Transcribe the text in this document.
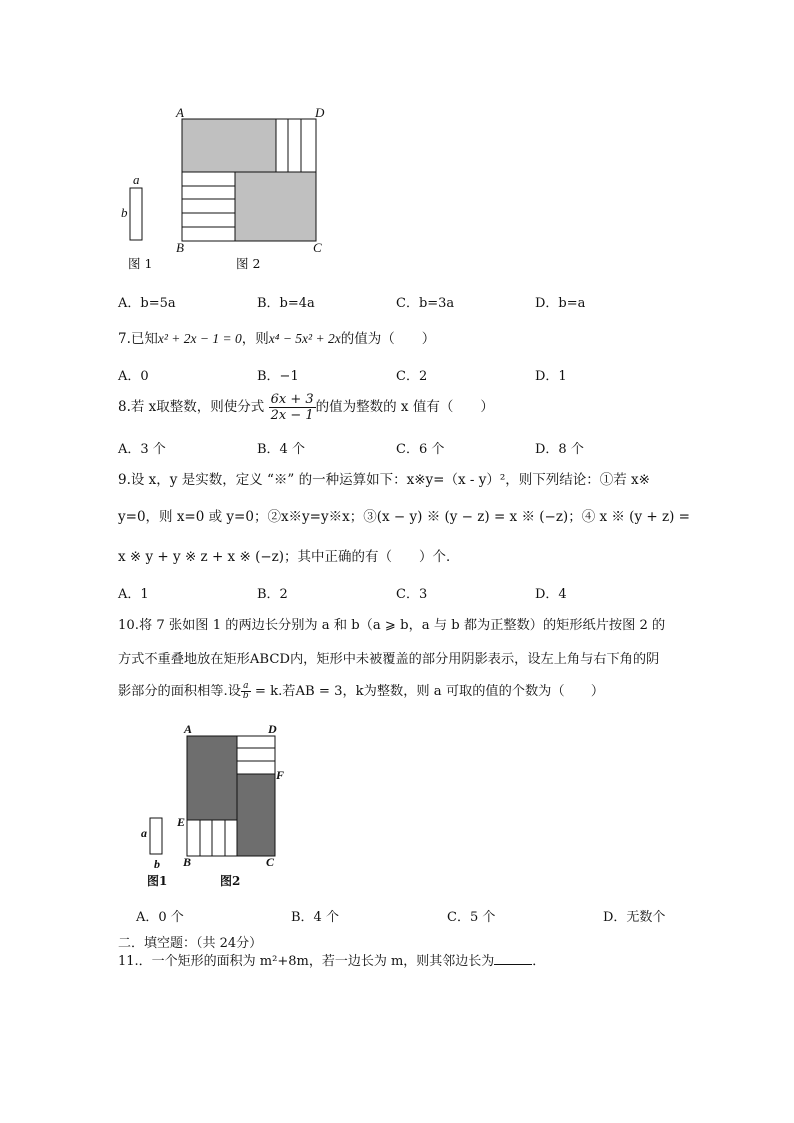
a
b
A	D
B	C
图 1	图 2
A．b=5a	B．b=4a	C．b=3a	D．b=a
7.已知x² + 2x − 1 = 0，则x⁴ − 5x² + 2x的值为（　　）
A．0	B．−1	C．2	D．1
8.若 x取整数，则使分式 $\frac{6x + 3}{2x - 1}$ 的值为整数的 x 值有（　　）
A．3 个	B．4 个	C．6 个	D．8 个
9.设 x，y 是实数，定义 “※” 的一种运算如下：x※y=（x - y）²，则下列结论：①若 x※
y=0，则 x=0 或 y=0；②x※y=y※x；③(x − y) ※ (y − z) = x ※ (−z)；④ x ※ (y + z) =
x ※ y + y ※ z + x ※ (−z)；其中正确的有（　　）个．
A．1	B．2	C．3	D．4
10.将 7 张如图 1 的两边长分别为 a 和 b（a ⩾ b，a 与 b 都为正整数）的矩形纸片按图 2 的
方式不重叠地放在矩形ABCD内，矩形中未被覆盖的部分用阴影表示，设左上角与右下角的阴
影部分的面积相等.设 $\frac{a}{b} = k$.若AB = 3，k为整数，则 a 可取的值的个数为（　　）
A	D
F
E
B	C
a
b
图1	图2
A．0 个	B．4 个	C．5 个	D．无数个
二．填空题：（共 24分）
11.．一个矩形的面积为 m²+8m，若一边长为 m，则其邻边长为	．
